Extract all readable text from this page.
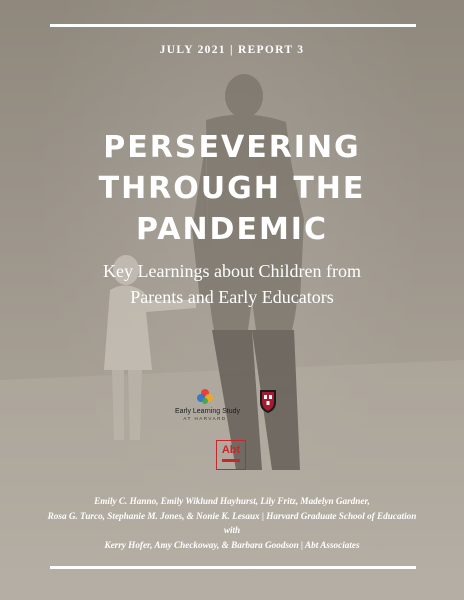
JULY 2021 | REPORT 3
PERSEVERING
THROUGH THE
PANDEMIC
Key Learnings about Children from
Parents and Early Educators
Early Learning Study
AT HARVARD
Abt
Emily C. Hanno, Emily Wiklund Hayhurst, Lily Fritz, Madelyn Gardner,
Rosa G. Turco, Stephanie M. Jones, & Nonie K. Lesaux | Harvard Graduate School of Education
with
Kerry Hofer, Amy Checkoway, & Barbara Goodson | Abt Associates
